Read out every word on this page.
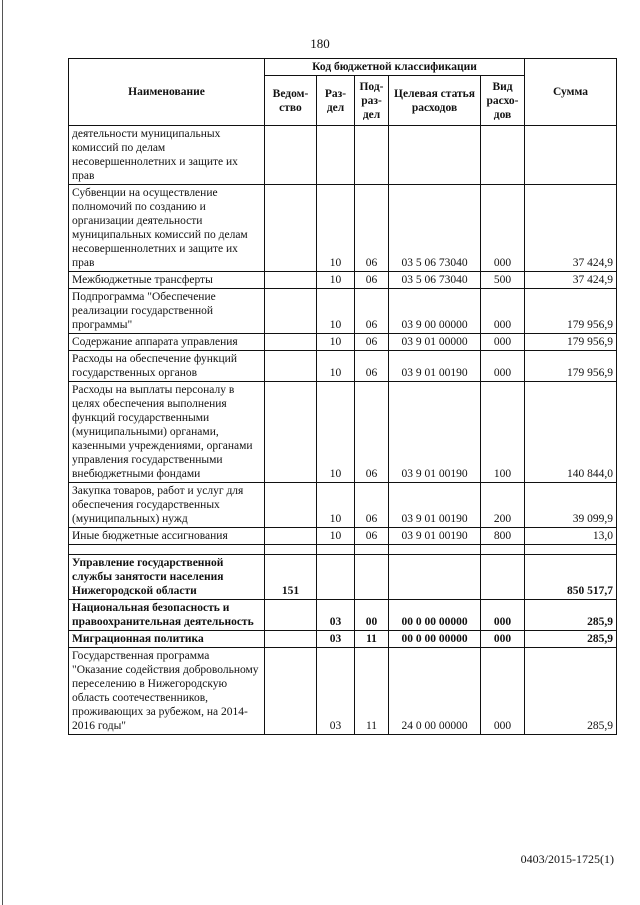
180
Наименование	Код бюджетной классификации					Сумма
	Ведом-ство	Раз-дел	Под-раз-дел	Целевая статья расходов	Вид расхо-дов	
деятельности муниципальных комиссий по делам несовершеннолетних и защите их прав						
Субвенции на осуществление полномочий по созданию и организации деятельности муниципальных комиссий по делам несовершеннолетних и защите их прав		10	06	03 5 06 73040	000	37 424,9
Межбюджетные трансферты		10	06	03 5 06 73040	500	37 424,9
Подпрограмма "Обеспечение реализации государственной программы"		10	06	03 9 00 00000	000	179 956,9
Содержание аппарата управления		10	06	03 9 01 00000	000	179 956,9
Расходы на обеспечение функций государственных органов		10	06	03 9 01 00190	000	179 956,9
Расходы на выплаты персоналу в целях обеспечения выполнения функций государственными (муниципальными) органами, казенными учреждениями, органами управления государственными внебюджетными фондами		10	06	03 9 01 00190	100	140 844,0
Закупка товаров, работ и услуг для обеспечения государственных (муниципальных) нужд		10	06	03 9 01 00190	200	39 099,9
Иные бюджетные ассигнования		10	06	03 9 01 00190	800	13,0

Управление государственной службы занятости населения Нижегородской области	151					850 517,7
Национальная безопасность и правоохранительная деятельность		03	00	00 0 00 00000	000	285,9
Миграционная политика		03	11	00 0 00 00000	000	285,9
Государственная программа "Оказание содействия добровольному переселению в Нижегородскую область соотечественников, проживающих за рубежом, на 2014-2016 годы"		03	11	24 0 00 00000	000	285,9
0403/2015-1725(1)
